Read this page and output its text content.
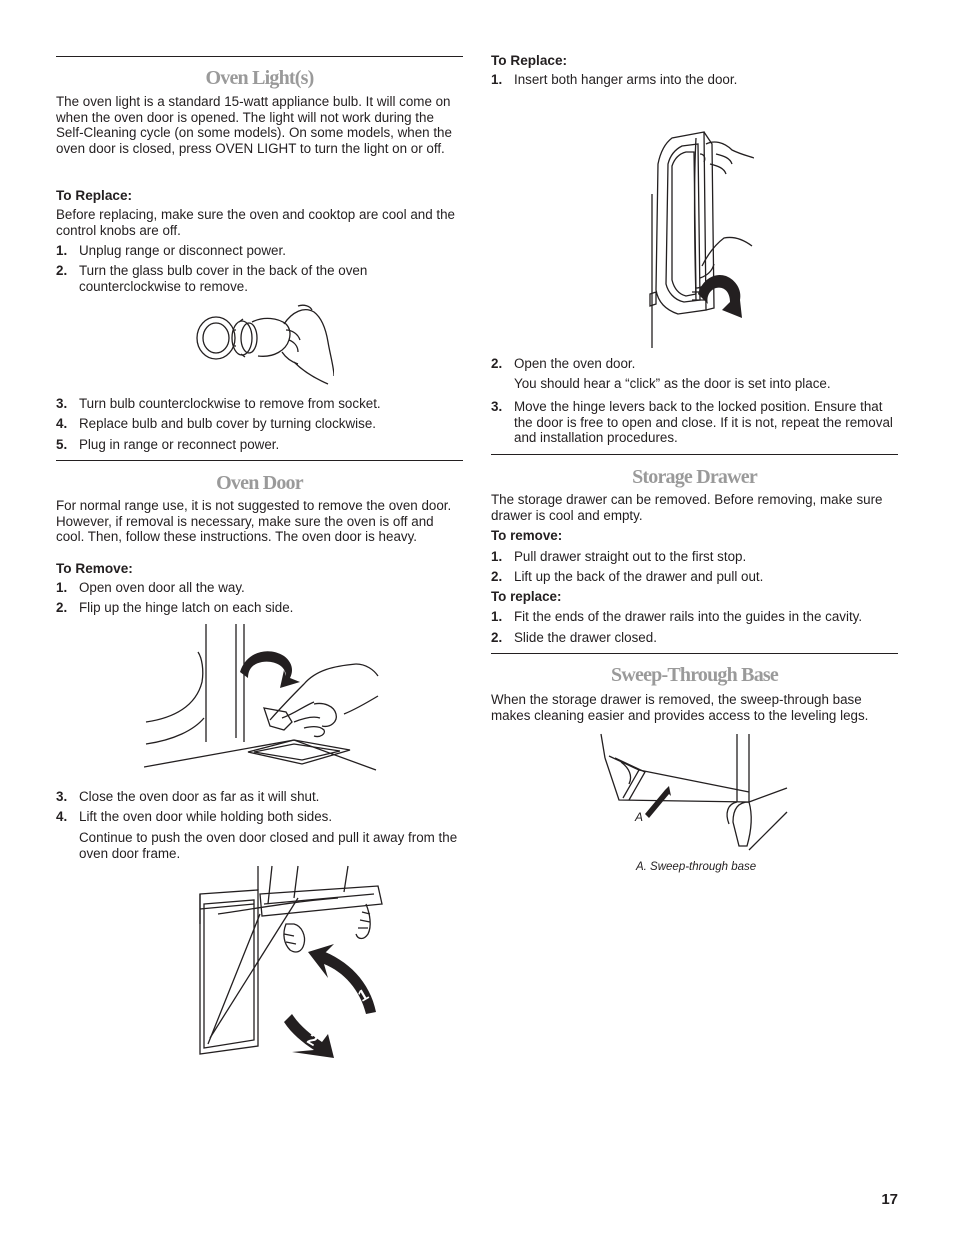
Oven Light(s)
The oven light is a standard 15-watt appliance bulb. It will come on when the oven door is opened. The light will not work during the Self-Cleaning cycle (on some models). On some models, when the oven door is closed, press OVEN LIGHT to turn the light on or off.
To Replace:
Before replacing, make sure the oven and cooktop are cool and the control knobs are off.
1. Unplug range or disconnect power.
2. Turn the glass bulb cover in the back of the oven counterclockwise to remove.
3. Turn bulb counterclockwise to remove from socket.
4. Replace bulb and bulb cover by turning clockwise.
5. Plug in range or reconnect power.
Oven Door
For normal range use, it is not suggested to remove the oven door. However, if removal is necessary, make sure the oven is off and cool. Then, follow these instructions. The oven door is heavy.
To Remove:
1. Open oven door all the way.
2. Flip up the hinge latch on each side.
3. Close the oven door as far as it will shut.
4. Lift the oven door while holding both sides.
Continue to push the oven door closed and pull it away from the oven door frame.
1
2
To Replace:
1. Insert both hanger arms into the door.
2. Open the oven door.
You should hear a “click” as the door is set into place.
3. Move the hinge levers back to the locked position. Ensure that the door is free to open and close. If it is not, repeat the removal and installation procedures.
Storage Drawer
The storage drawer can be removed. Before removing, make sure drawer is cool and empty.
To remove:
1. Pull drawer straight out to the first stop.
2. Lift up the back of the drawer and pull out.
To replace:
1. Fit the ends of the drawer rails into the guides in the cavity.
2. Slide the drawer closed.
Sweep-Through Base
When the storage drawer is removed, the sweep-through base makes cleaning easier and provides access to the leveling legs.
A
A. Sweep-through base
17
